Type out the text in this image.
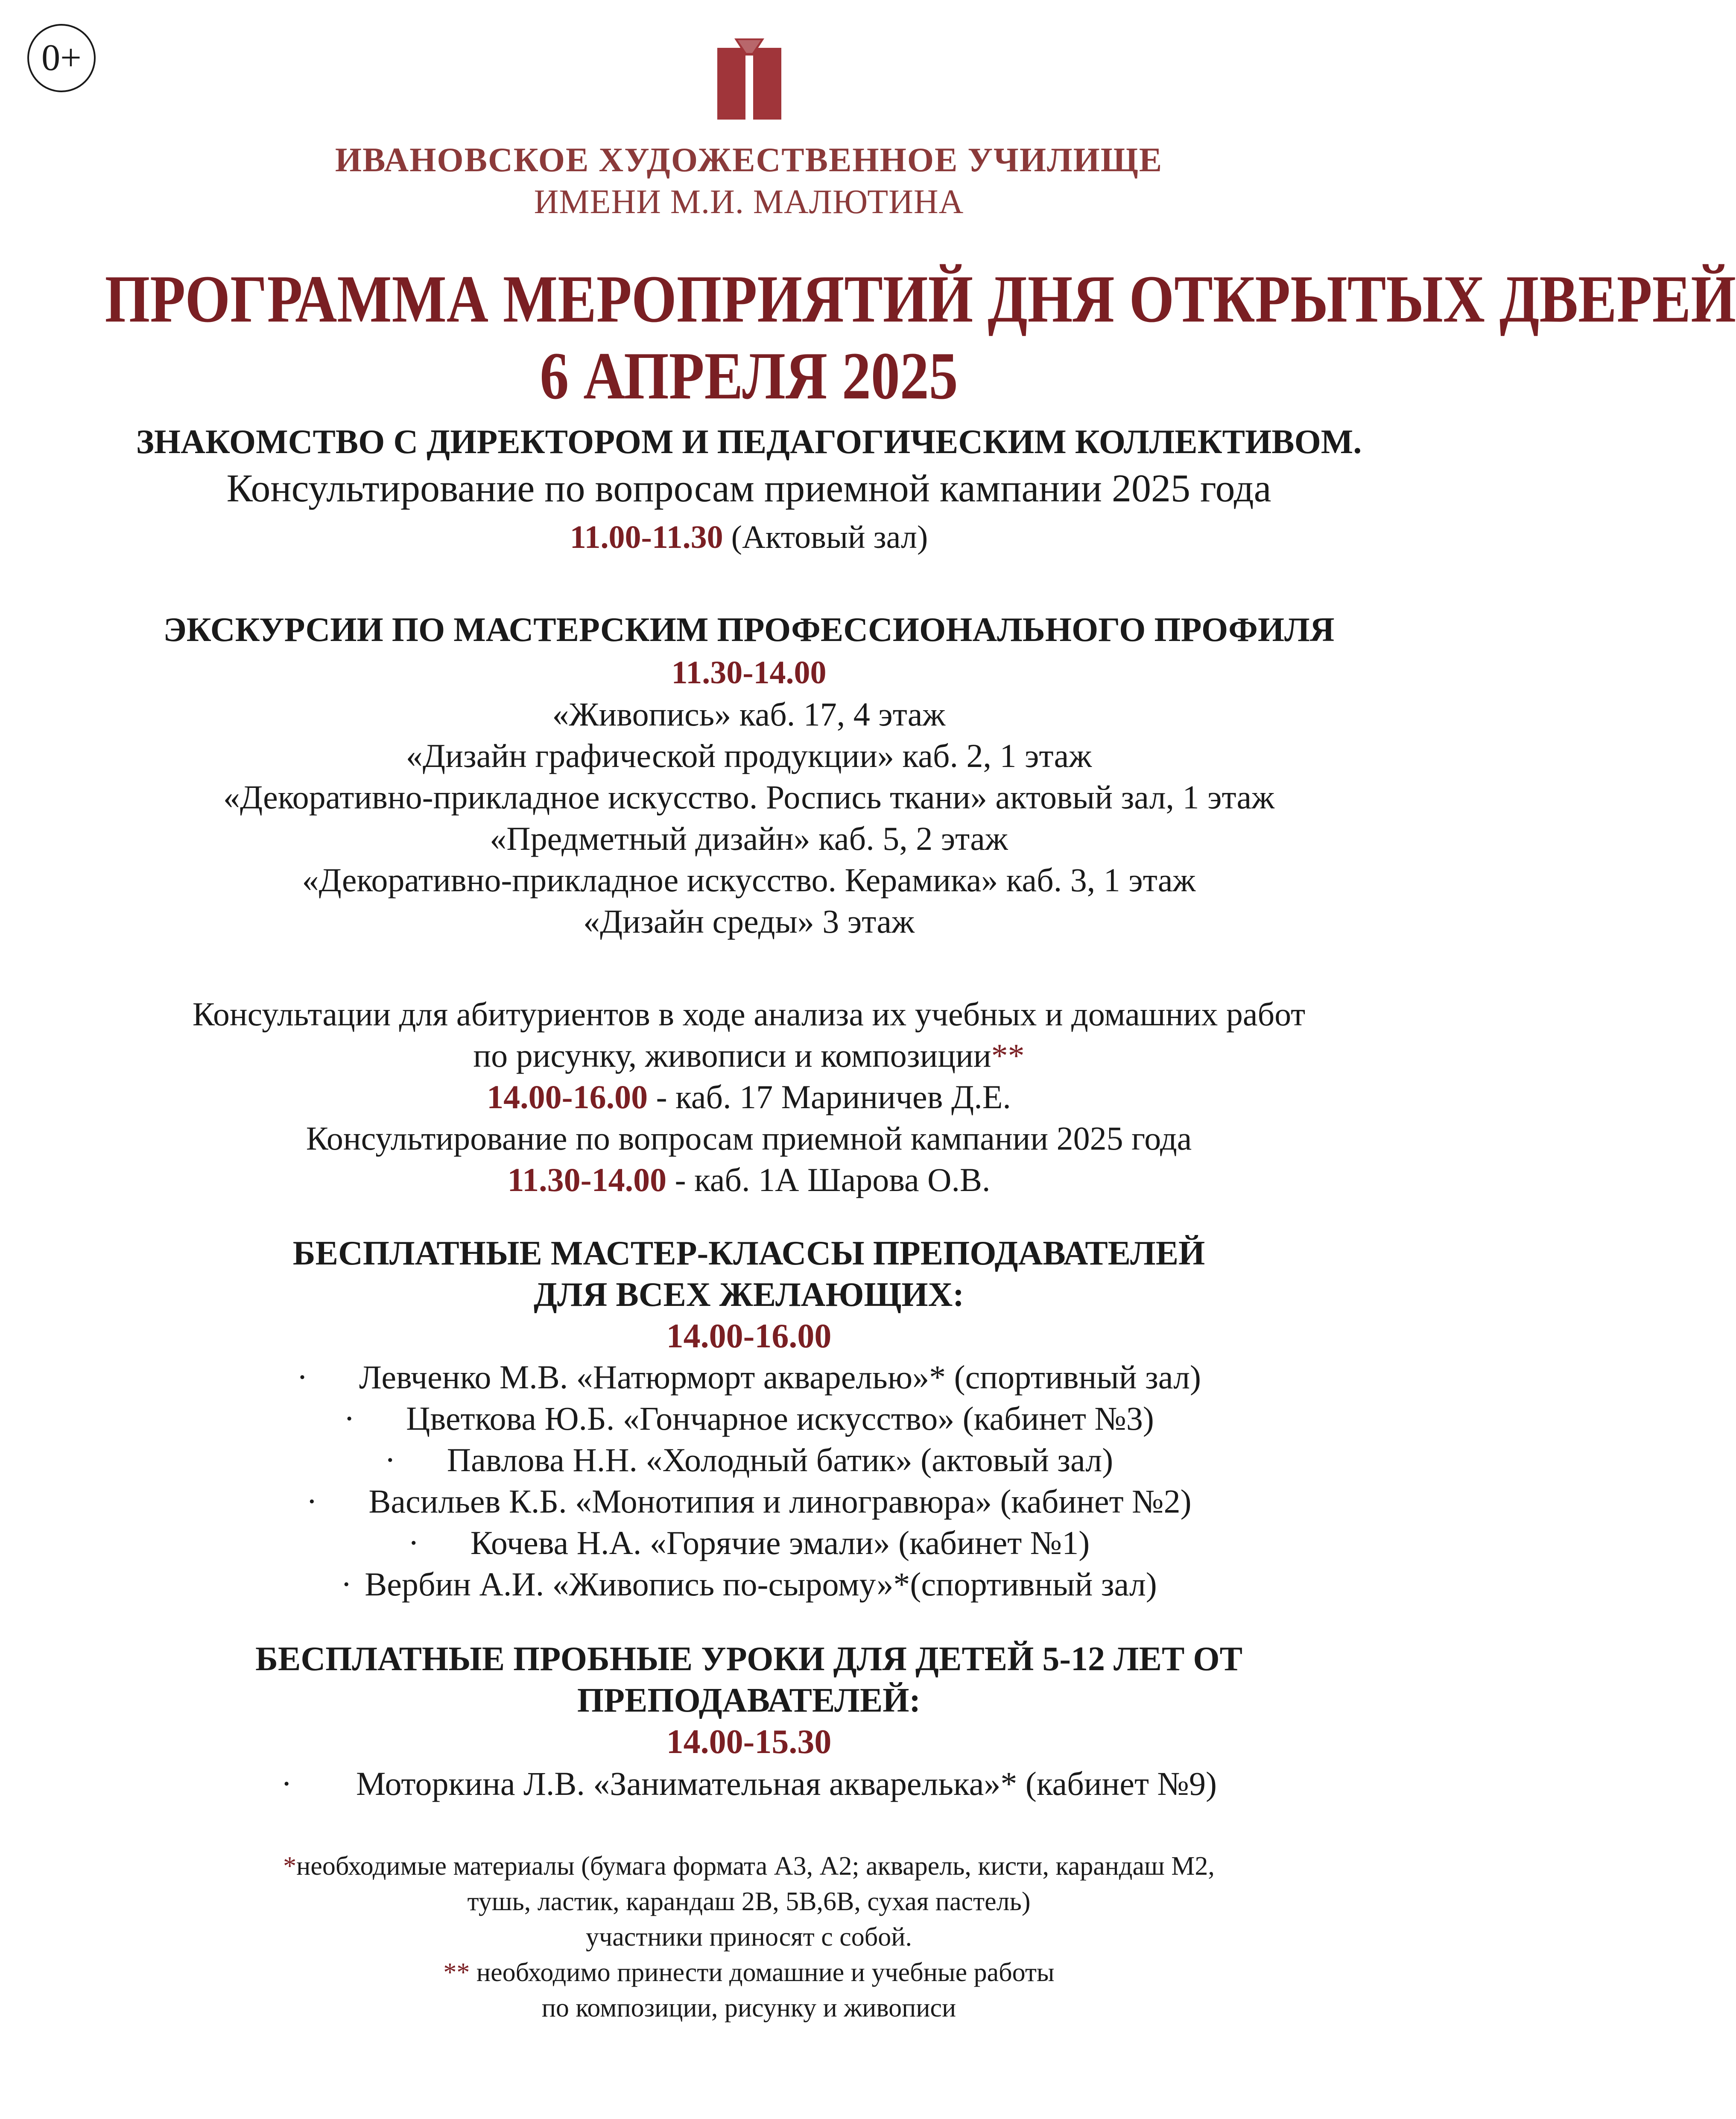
0+
ИВАНОВСКОЕ ХУДОЖЕСТВЕННОЕ УЧИЛИЩЕ
ИМЕНИ М.И. МАЛЮТИНА
ПРОГРАММА МЕРОПРИЯТИЙ ДНЯ ОТКРЫТЫХ ДВЕРЕЙ
6 АПРЕЛЯ 2025
ЗНАКОМСТВО С ДИРЕКТОРОМ И ПЕДАГОГИЧЕСКИМ КОЛЛЕКТИВОМ.
Консультирование по вопросам приемной кампании 2025 года
11.00-11.30 (Актовый зал)
ЭКСКУРСИИ ПО МАСТЕРСКИМ ПРОФЕССИОНАЛЬНОГО ПРОФИЛЯ
11.30-14.00
«Живопись» каб. 17, 4 этаж
«Дизайн графической продукции» каб. 2, 1 этаж
«Декоративно-прикладное искусство. Роспись ткани» актовый зал, 1 этаж
«Предметный дизайн» каб. 5, 2 этаж
«Декоративно-прикладное искусство. Керамика» каб. 3, 1 этаж
«Дизайн среды» 3 этаж
Консультации для абитуриентов в ходе анализа их учебных и домашних работ
по рисунку, живописи и композиции**
14.00-16.00 - каб. 17 Мариничев Д.Е.
Консультирование по вопросам приемной кампании 2025 года
11.30-14.00 - каб. 1А Шарова О.В.
БЕСПЛАТНЫЕ МАСТЕР-КЛАССЫ ПРЕПОДАВАТЕЛЕЙ
ДЛЯ ВСЕХ ЖЕЛАЮЩИХ:
14.00-16.00
· Левченко М.В. «Натюрморт акварелью»* (спортивный зал)
· Цветкова Ю.Б. «Гончарное искусство» (кабинет №3)
· Павлова Н.Н. «Холодный батик» (актовый зал)
· Васильев К.Б. «Монотипия и линогравюра» (кабинет №2)
· Кочева Н.А. «Горячие эмали» (кабинет №1)
· Вербин А.И. «Живопись по-сырому»*(спортивный зал)
БЕСПЛАТНЫЕ ПРОБНЫЕ УРОКИ ДЛЯ ДЕТЕЙ 5-12 ЛЕТ ОТ
ПРЕПОДАВАТЕЛЕЙ:
14.00-15.30
· Моторкина Л.В. «Занимательная акварелька»* (кабинет №9)
*необходимые материалы (бумага формата А3, А2; акварель, кисти, карандаш М2,
тушь, ластик, карандаш 2В, 5В,6В, сухая пастель)
участники приносят с собой.
** необходимо принести домашние и учебные работы
по композиции, рисунку и живописи
